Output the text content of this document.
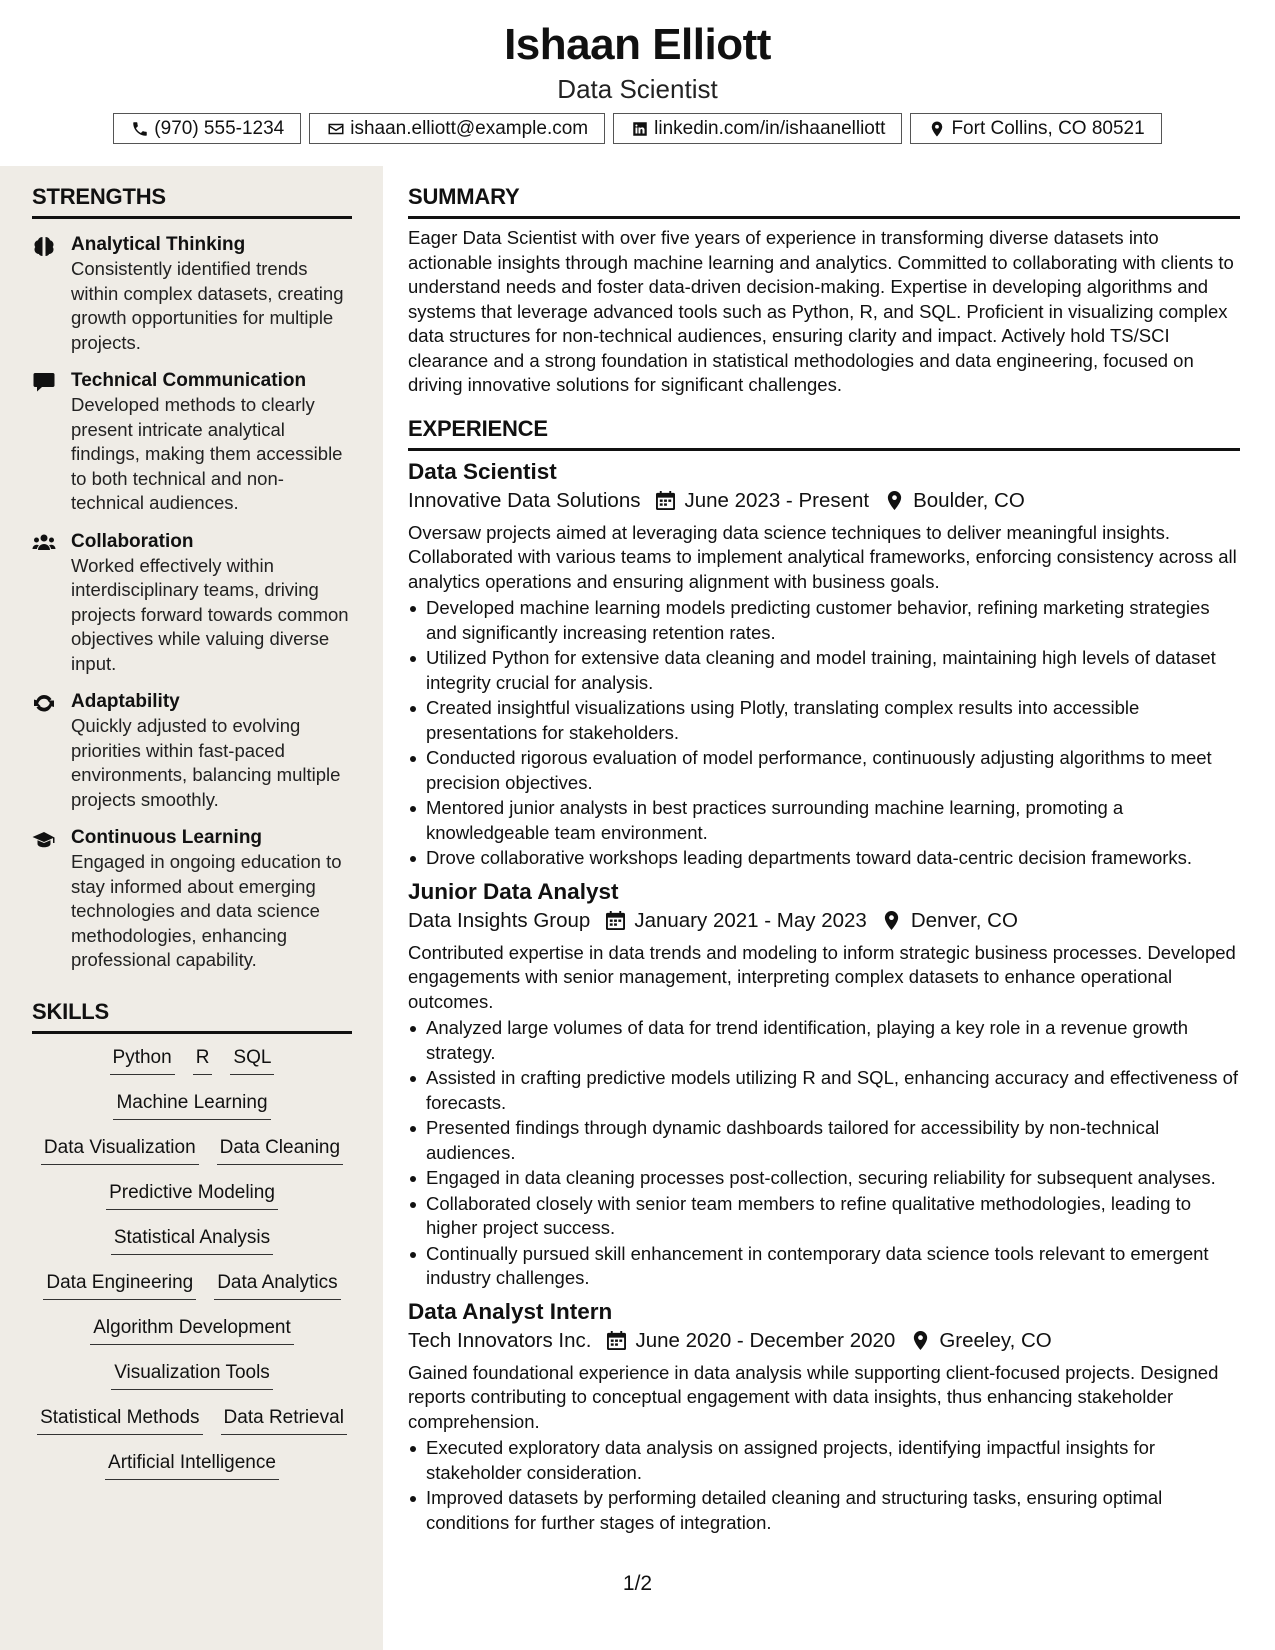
Ishaan Elliott
Data Scientist
(970) 555-1234	ishaan.elliott@example.com	linkedin.com/in/ishaanelliott	Fort Collins, CO 80521
STRENGTHS
Analytical Thinking
Consistently identified trends within complex datasets, creating growth opportunities for multiple projects.
Technical Communication
Developed methods to clearly present intricate analytical findings, making them accessible to both technical and non-technical audiences.
Collaboration
Worked effectively within interdisciplinary teams, driving projects forward towards common objectives while valuing diverse input.
Adaptability
Quickly adjusted to evolving priorities within fast-paced environments, balancing multiple projects smoothly.
Continuous Learning
Engaged in ongoing education to stay informed about emerging technologies and data science methodologies, enhancing professional capability.
SKILLS
Python R SQL
Machine Learning
Data Visualization Data Cleaning
Predictive Modeling
Statistical Analysis
Data Engineering Data Analytics
Algorithm Development
Visualization Tools
Statistical Methods Data Retrieval
Artificial Intelligence
SUMMARY
Eager Data Scientist with over five years of experience in transforming diverse datasets into actionable insights through machine learning and analytics. Committed to collaborating with clients to understand needs and foster data-driven decision-making. Expertise in developing algorithms and systems that leverage advanced tools such as Python, R, and SQL. Proficient in visualizing complex data structures for non-technical audiences, ensuring clarity and impact. Actively hold TS/SCI clearance and a strong foundation in statistical methodologies and data engineering, focused on driving innovative solutions for significant challenges.
EXPERIENCE
Data Scientist
Innovative Data Solutions June 2023 - Present Boulder, CO
Oversaw projects aimed at leveraging data science techniques to deliver meaningful insights. Collaborated with various teams to implement analytical frameworks, enforcing consistency across all analytics operations and ensuring alignment with business goals.
Developed machine learning models predicting customer behavior, refining marketing strategies and significantly increasing retention rates.
Utilized Python for extensive data cleaning and model training, maintaining high levels of dataset integrity crucial for analysis.
Created insightful visualizations using Plotly, translating complex results into accessible presentations for stakeholders.
Conducted rigorous evaluation of model performance, continuously adjusting algorithms to meet precision objectives.
Mentored junior analysts in best practices surrounding machine learning, promoting a knowledgeable team environment.
Drove collaborative workshops leading departments toward data-centric decision frameworks.
Junior Data Analyst
Data Insights Group January 2021 - May 2023 Denver, CO
Contributed expertise in data trends and modeling to inform strategic business processes. Developed engagements with senior management, interpreting complex datasets to enhance operational outcomes.
Analyzed large volumes of data for trend identification, playing a key role in a revenue growth strategy.
Assisted in crafting predictive models utilizing R and SQL, enhancing accuracy and effectiveness of forecasts.
Presented findings through dynamic dashboards tailored for accessibility by non-technical audiences.
Engaged in data cleaning processes post-collection, securing reliability for subsequent analyses.
Collaborated closely with senior team members to refine qualitative methodologies, leading to higher project success.
Continually pursued skill enhancement in contemporary data science tools relevant to emergent industry challenges.
Data Analyst Intern
Tech Innovators Inc. June 2020 - December 2020 Greeley, CO
Gained foundational experience in data analysis while supporting client-focused projects. Designed reports contributing to conceptual engagement with data insights, thus enhancing stakeholder comprehension.
Executed exploratory data analysis on assigned projects, identifying impactful insights for stakeholder consideration.
Improved datasets by performing detailed cleaning and structuring tasks, ensuring optimal conditions for further stages of integration.
1/2
